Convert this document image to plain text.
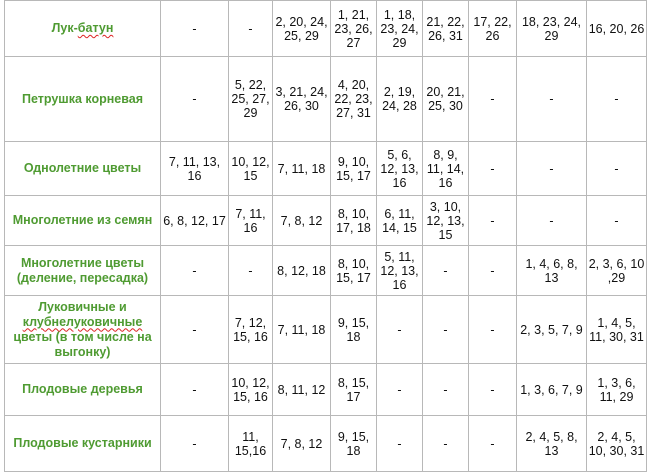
Лук-батун	-	-	2, 20, 24, 25, 29	1, 21, 23, 26, 27	1, 18, 23, 24, 29	21, 22, 26, 31	17, 22, 26	18, 23, 24, 29	16, 20, 26
Петрушка корневая	-	5, 22, 25, 27, 29	3, 21, 24, 26, 30	4, 20, 22, 23, 27, 31	2, 19, 24, 28	20, 21, 25, 30	-	-	-
Однолетние цветы	7, 11, 13, 16	10, 12, 15	7, 11, 18	9, 10, 15, 17	5, 6, 12, 13, 16	8, 9, 11, 14, 16	-	-	-
Многолетние из семян	6, 8, 12, 17	7, 11, 16	7, 8, 12	8, 10, 17, 18	6, 11, 14, 15	3, 10, 12, 13, 15	-	-	-
Многолетние цветы (деление, пересадка)	-	-	8, 12, 18	8, 10, 15, 17	5, 11, 12, 13, 16	-	-	1, 4, 6, 8, 13	2, 3, 6, 10 ,29
Луковичные и клубнелуковичные цветы (в том числе на выгонку)	-	7, 12, 15, 16	7, 11, 18	9, 15, 18	-	-	-	2, 3, 5, 7, 9	1, 4, 5, 11, 30, 31
Плодовые деревья	-	10, 12, 15, 16	8, 11, 12	8, 15, 17	-	-	-	1, 3, 6, 7, 9	1, 3, 6, 11, 29
Плодовые кустарники	-	11, 15,16	7, 8, 12	9, 15, 18	-	-	-	2, 4, 5, 8, 13	2, 4, 5, 10, 30, 31
